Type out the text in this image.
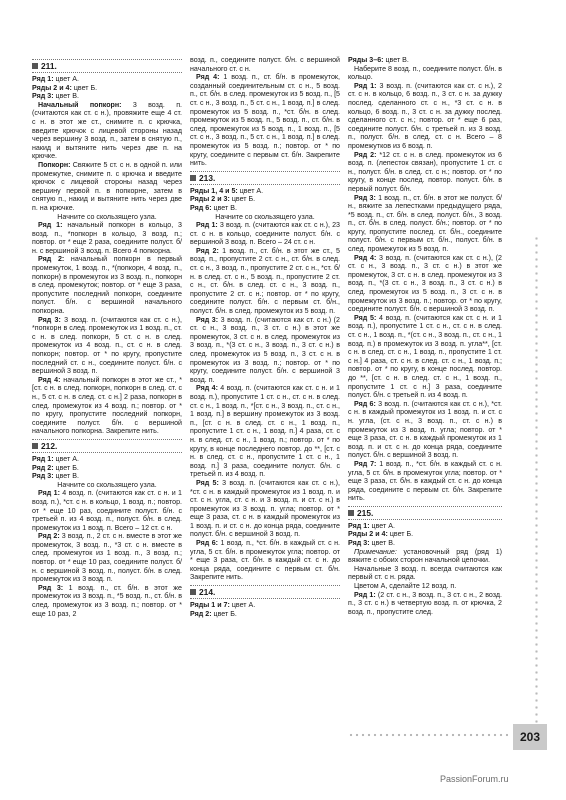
211.
Ряд 1: цвет А.
Ряды 2 и 4: цвет Б.
Ряд 3: цвет В.

Начальный попкорн: 3 возд. п. (считаются как ст. с н.), провяжите еще 4 ст. с н. в этот же ст., снимите п. с крючка, введите крючок с лицевой стороны назад через вершину 3 возд. п., затем в снятую п., накид и вытяните нить через две п. на крючке.

Попкорн: Свяжите 5 ст. с н. в одной п. или промежутке, снимите п. с крючка и введите крючок с лицевой стороны назад через вершину первой п. в попкорне, затем в снятую п., накид и вытяните нить через две п. на крючке.

Начните со скользящего узла.

Ряд 1: начальный попкорн в кольцо, 3 возд. п., *попкорн в кольцо, 3 возд. п.; повтор. от * еще 2 раза, соедините полуст. б/н. с вершиной 3 возд. п. Всего 4 попкорна.

Ряд 2: начальный попкорн в первый промежуток, 1 возд. п., *(попкорн, 4 возд. п., попкорн) в промежуток из 3 возд. п., попкорн в след. промежуток; повтор. от * еще 3 раза, пропустите последний попкорн, соедините полуст. б/н. с вершиной начального попкорна.

Ряд 3: 3 возд. п. (считаются как ст. с н.), *попкорн в след. промежуток из 1 возд. п., ст. с н. в след. попкорн, 5 ст. с н. в след. промежуток из 4 возд. п., ст. с н. в след. попкорн; повтор. от * по кругу, пропустите последний ст. с н., соедините полуст. б/н. с вершиной 3 возд. п.

Ряд 4: начальный попкорн в этот же ст., *[ст. с н. в след. попкорн, попкорн в след. ст. с н., 5 ст. с н. в след. ст. с н.] 2 раза, попкорн в след. промежуток из 4 возд. п.; повтор. от * по кругу, пропустите последний попкорн, соедините полуст. б/н. с вершиной начального попкорна. Закрепите нить.

212.
Ряд 1: цвет А.
Ряд 2: цвет Б.
Ряд 3: цвет В.

Начните со скользящего узла.

Ряд 1: 4 возд. п. (считаются как ст. с н. и 1 возд. п.), *ст. с н. в кольцо, 1 возд. п.; повтор. от * еще 10 раз, соедините полуст. б/н. с третьей п. из 4 возд. п., полуст. б/н. в след. промежуток из 1 возд. п. Всего – 12 ст. с н.

Ряд 2: 3 возд. п., 2 ст. с н. вместе в этот же промежуток, 3 возд. п., *3 ст. с н. вместе в след. промежуток из 1 возд. п., 3 возд. п.; повтор. от * еще 10 раз, соедините полуст. б/н. с вершиной 3 возд. п., полуст. б/н. в след. промежуток из 3 возд. п.

Ряд 3: 1 возд. п., ст. б/н. в этот же промежуток из 3 возд. п., *5 возд. п., ст. б/н. в след. промежуток из 3 возд. п.; повтор. от * еще 10 раз, 2

возд. п., соедините полуст. б/н. с вершиной начального ст. с н.

Ряд 4: 1 возд. п., ст. б/н. в промежуток, созданный соединительным ст. с н., 5 возд. п., ст. б/н. в след. промежуток из 5 возд. п., [5 ст. с н., 3 возд. п., 5 ст. с н., 1 возд. п.] в след. промежуток из 5 возд. п., *ст. б/н. в след. промежуток из 5 возд. п., 5 возд. п., ст. б/н. в след. промежуток из 5 возд. п., 1 возд. п., [5 ст. с н., 3 возд. п., 5 ст. с н., 1 возд. п.] в след. промежуток из 5 возд. п.; повтор. от * по кругу, соедините с первым ст. б/н. Закрепите нить.

213.
Ряды 1, 4 и 5: цвет А.
Ряды 2 и 3: цвет Б.
Ряд 6: цвет В.

Начните со скользящего узла.

Ряд 1: 3 возд. п. (считаются как ст. с н.), 23 ст. с н. в кольцо, соедините полуст. б/н. с вершиной 3 возд. п. Всего – 24 ст. с н.

Ряд 2: 1 возд. п., ст. б/н. в этот же ст., 5 возд. п., пропустите 2 ст. с н., ст. б/н. в след. ст. с н., 3 возд. п., пропустите 2 ст. с н., *ст. б/н. в след. ст. с н., 5 возд. п., пропустите 2 ст. с н., ст. б/н. в след. ст. с н., 3 возд. п., пропустите 2 ст. с н.; повтор. от * по кругу, соедините полуст. б/н. с первым ст. б/н., полуст. б/н. в след. промежуток из 5 возд. п.

Ряд 3: 3 возд. п. (считаются как ст. с н.) (2 ст. с н., 3 возд. п., 3 ст. с н.) в этот же промежуток, 3 ст. с н. в след. промежуток из 3 возд. п., *(3 ст. с н., 3 возд. п., 3 ст. с н.) в след. промежуток из 5 возд. п., 3 ст. с н. в промежуток из 3 возд. п.; повтор. от * по кругу, соедините полуст. б/н. с вершиной 3 возд. п.

Ряд 4: 4 возд. п. (считаются как ст. с н. и 1 возд. п.), пропустите 1 ст. с н., ст. с н. в след. ст. с н., 1 возд. п., *[ст. с н., 3 возд. п., ст. с н., 1 возд. п.] в вершину промежуток из 3 возд. п., [ст. с н. в след. ст. с н., 1 возд. п., пропустите 1 ст. с н., 1 возд. п.] 4 раза, ст. с н. в след. ст. с н., 1 возд. п.; повтор. от * по кругу, в конце последнего повтор. до **, [ст. с н. в след. ст. с н., пропустите 1 ст. с н., 1 возд. п.] 3 раза, соедините полуст. б/н. с третьей п. из 4 возд. п.

Ряд 5: 3 возд. п. (считаются как ст. с н.), *ст. с н. в каждый промежуток из 1 возд. п. и ст. с н. угла, ст. с н. и 3 возд. п. и ст. с н.) в промежуток из 3 возд. п. угла; повтор. от * еще 3 раза, ст. с н. в каждый промежуток из 1 возд. п. и ст. с н. до конца ряда, соедините полуст. б/н. с вершиной 3 возд. п.

Ряд 6: 1 возд. п., *ст. б/н. в каждый ст. с н. угла, 5 ст. б/н. в промежуток угла; повтор. от * еще 3 раза, ст. б/н. в каждый ст. с н. до конца ряда, соедините с первым ст. б/н. Закрепите нить.

214.
Ряды 1 и 7: цвет А.
Ряд 2: цвет Б.
Ряды 3–6: цвет В.

Наберите 8 возд. п., соедините полуст. б/н. в кольцо.

Ряд 1: 3 возд. п. (считаются как ст. с н.), 2 ст. с н. в кольцо, 6 возд. п., 3 ст. с н. за дужку послед. сделанного ст. с н., *3 ст. с н. в кольцо, 6 возд. п., 3 ст. с н. за дужку послед. сделанного ст. с н.; повтор. от * еще 6 раз, соедините полуст. б/н. с третьей п. из 3 возд. п., полуст. б/н. в след. ст. с н. Всего – 8 промежутков из 6 возд. п.

Ряд 2: *12 ст. с н. в след. промежуток из 6 возд. п. (лепесток связан), пропустите 1 ст. с н., полуст. б/н. в след. ст. с н.; повтор. от * по кругу, в конце послед. повтор. полуст. б/н. в первый полуст. б/н.

Ряд 3: 1 возд. п., ст. б/н. в этот же полуст. б/н., вяжите за лепестками предыдущего ряда, *5 возд. п., ст. б/н. в след. полуст. б/н., 3 возд. п., ст. б/н. в след. полуст. б/н.; повтор. от * по кругу, пропустите послед. ст. б/н., соедините полуст. б/н. с первым ст. б/н., полуст. б/н. в след. промежуток из 5 возд. п.

Ряд 4: 3 возд. п. (считаются как ст. с н.), (2 ст. с н., 3 возд. п., 3 ст. с н.) в этот же промежуток, 3 ст. с н. в след. промежуток из 3 возд. п., *(3 ст. с н., 3 возд. п., 3 ст. с н.) в след. промежуток из 5 возд. п., 3 ст. с н. в промежуток из 3 возд. п.; повтор. от * по кругу, соедините полуст. б/н. с вершиной 3 возд. п.

Ряд 5: 4 возд. п. (считаются как ст. с н. и 1 возд. п.), пропустите 1 ст. с н., ст. с н. в след. ст. с н., 1 возд. п., *(ст. с н., 3 возд. п., ст. с н., 1 возд. п.) в промежуток из 3 возд. п. угла**, [ст. с н. в след. ст. с н., 1 возд. п., пропустите 1 ст. с н.] 4 раза, ст. с н. в след. ст. с н., 1 возд. п.; повтор. от * по кругу, в конце послед. повтор. до **, [ст. с н. в след. ст. с н., 1 возд. п., пропустите 1 ст. с н.] 3 раза, соедините полуст. б/н. с третьей п. из 4 возд. п.

Ряд 6: 3 возд. п. (считаются как ст. с н.), *ст. с н. в каждый промежуток из 1 возд. п. и ст. с н. угла, (ст. с н., 3 возд. п., ст. с н.) в промежуток из 3 возд. п. угла; повтор. от * еще 3 раза, ст. с н. в каждый промежуток из 1 возд. п. и ст. с н. до конца ряда, соедините полуст. б/н. с вершиной 3 возд. п.

Ряд 7: 1 возд. п., *ст. б/н. в каждый ст. с н. угла, 5 ст. б/н. в промежуток угла; повтор. от * еще 3 раза, ст. б/н. в каждый ст. с н. до конца ряда, соедините с первым ст. б/н. Закрепите нить.

215.
Ряд 1: цвет А.
Ряды 2 и 4: цвет Б.
Ряд 3: цвет В.

Примечание: установочный ряд (ряд 1) вяжите с обоих сторон начальной цепочки.

Начальные 3 возд. п. всегда считаются как первый ст. с н. ряда.

Цветом А, сделайте 12 возд. п.

Ряд 1: (2 ст. с н., 3 возд. п., 3 ст. с н., 2 возд. п., 3 ст. с н.) в четвертую возд. п. от крючка, 2 возд. п., пропустите след.

203
PassionForum.ru
